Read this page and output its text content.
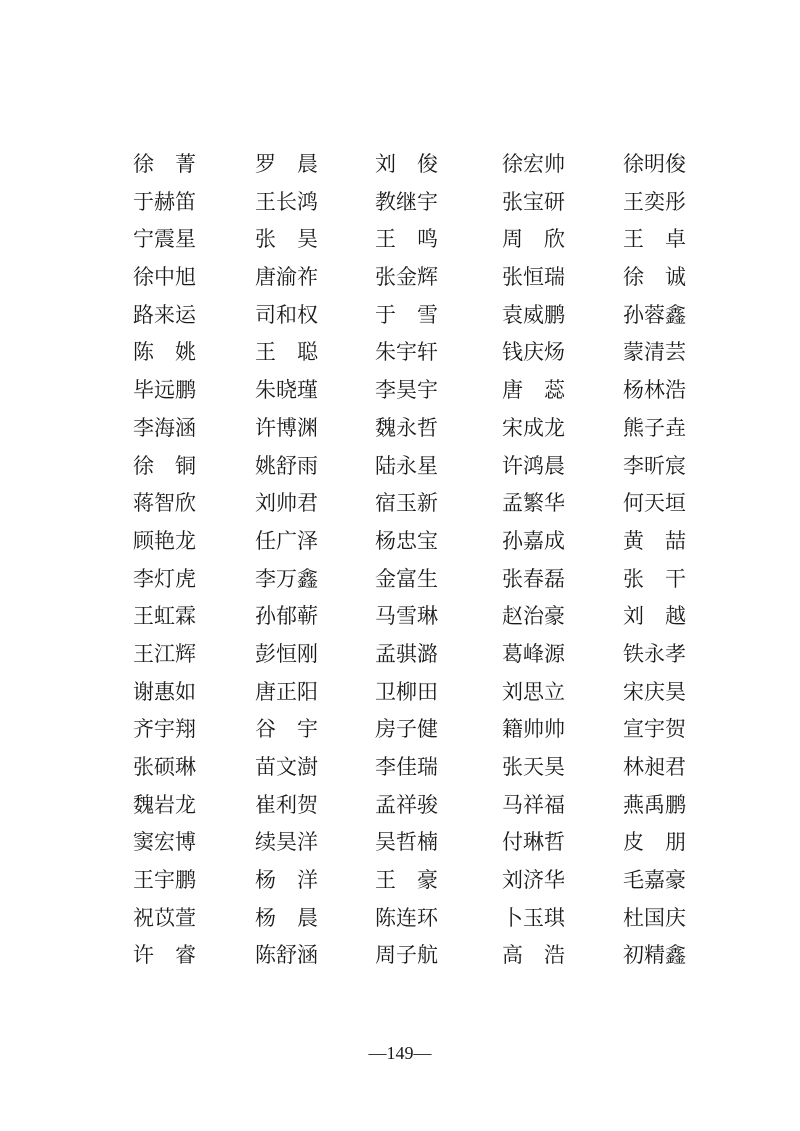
徐 菁	罗 晨	刘 俊	徐 宏 帅	徐 明 俊
于 赫 笛	王 长 鸿	教 继 宇	张 宝 研	王 奕 彤
宁 震 星	张 昊	王 鸣	周 欣	王 卓
徐 中 旭	唐 渝 祚	张 金 辉	张 恒 瑞	徐 诚
路 来 运	司 和 权	于 雪	袁 威 鹏	孙 蓉 鑫
陈 姚	王 聪	朱 宇 轩	钱 庆 炀	蒙 清 芸
毕 远 鹏	朱 晓 瑾	李 昊 宇	唐 蕊	杨 林 浩
李 海 涵	许 博 渊	魏 永 哲	宋 成 龙	熊 子 垚
徐 铜	姚 舒 雨	陆 永 星	许 鸿 晨	李 昕 宸
蒋 智 欣	刘 帅 君	宿 玉 新	孟 繁 华	何 天 垣
顾 艳 龙	任 广 泽	杨 忠 宝	孙 嘉 成	黄 喆
李 灯 虎	李 万 鑫	金 富 生	张 春 磊	张 干
王 虹 霖	孙 郁 蕲	马 雪 琳	赵 治 豪	刘 越
王 江 辉	彭 恒 刚	孟 骐 潞	葛 峰 源	铁 永 孝
谢 惠 如	唐 正 阳	卫 柳 田	刘 思 立	宋 庆 昊
齐 宇 翔	谷 宇	房 子 健	籍 帅 帅	宣 宇 贺
张 硕 琳	苗 文 澍	李 佳 瑞	张 天 昊	林 昶 君
魏 岩 龙	崔 利 贺	孟 祥 骏	马 祥 福	燕 禹 鹏
窦 宏 博	续 昊 洋	吴 哲 楠	付 琳 哲	皮 朋
王 宇 鹏	杨 洋	王 豪	刘 济 华	毛 嘉 豪
祝 苡 萱	杨 晨	陈 连 环	卜 玉 琪	杜 国 庆
许 睿	陈 舒 涵	周 子 航	高 浩	初 精 鑫
—149—
